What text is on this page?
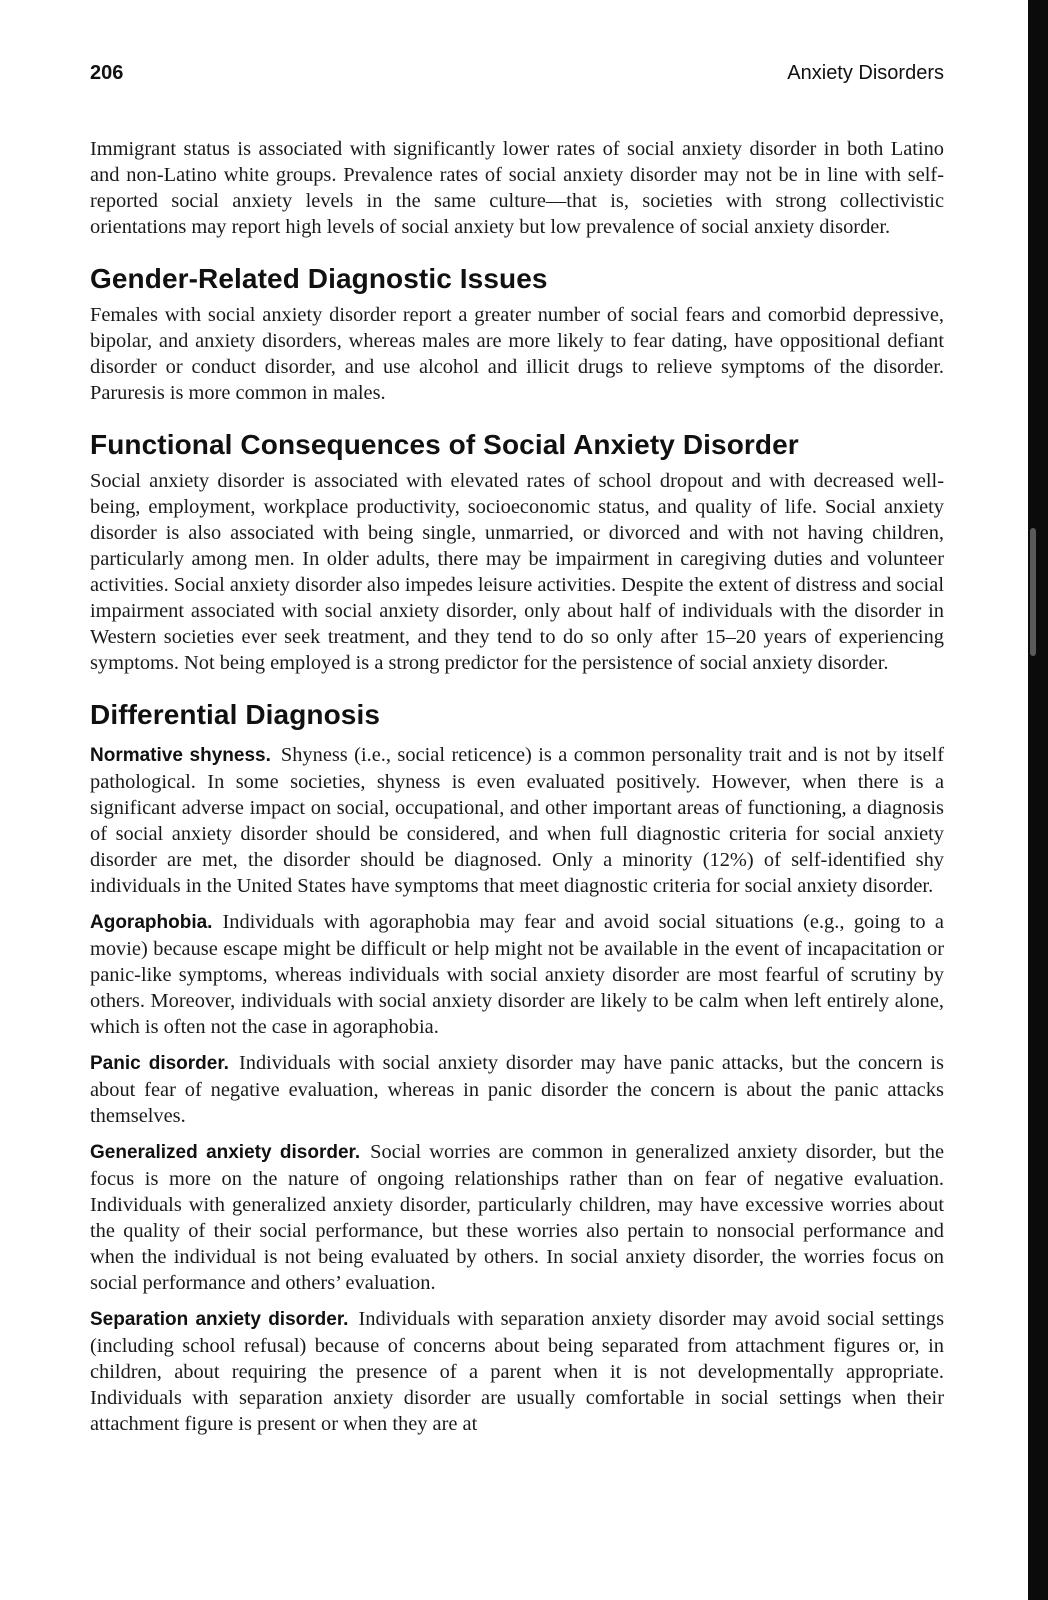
206	Anxiety Disorders

Immigrant status is associated with significantly lower rates of social anxiety disorder in both Latino and non-Latino white groups. Prevalence rates of social anxiety disorder may not be in line with self-reported social anxiety levels in the same culture—that is, societies with strong collectivistic orientations may report high levels of social anxiety but low prevalence of social anxiety disorder.

Gender-Related Diagnostic Issues

Females with social anxiety disorder report a greater number of social fears and comorbid depressive, bipolar, and anxiety disorders, whereas males are more likely to fear dating, have oppositional defiant disorder or conduct disorder, and use alcohol and illicit drugs to relieve symptoms of the disorder. Paruresis is more common in males.

Functional Consequences of Social Anxiety Disorder

Social anxiety disorder is associated with elevated rates of school dropout and with decreased well-being, employment, workplace productivity, socioeconomic status, and quality of life. Social anxiety disorder is also associated with being single, unmarried, or divorced and with not having children, particularly among men. In older adults, there may be impairment in caregiving duties and volunteer activities. Social anxiety disorder also impedes leisure activities. Despite the extent of distress and social impairment associated with social anxiety disorder, only about half of individuals with the disorder in Western societies ever seek treatment, and they tend to do so only after 15–20 years of experiencing symptoms. Not being employed is a strong predictor for the persistence of social anxiety disorder.

Differential Diagnosis

Normative shyness. Shyness (i.e., social reticence) is a common personality trait and is not by itself pathological. In some societies, shyness is even evaluated positively. However, when there is a significant adverse impact on social, occupational, and other important areas of functioning, a diagnosis of social anxiety disorder should be considered, and when full diagnostic criteria for social anxiety disorder are met, the disorder should be diagnosed. Only a minority (12%) of self-identified shy individuals in the United States have symptoms that meet diagnostic criteria for social anxiety disorder.

Agoraphobia. Individuals with agoraphobia may fear and avoid social situations (e.g., going to a movie) because escape might be difficult or help might not be available in the event of incapacitation or panic-like symptoms, whereas individuals with social anxiety disorder are most fearful of scrutiny by others. Moreover, individuals with social anxiety disorder are likely to be calm when left entirely alone, which is often not the case in agoraphobia.

Panic disorder. Individuals with social anxiety disorder may have panic attacks, but the concern is about fear of negative evaluation, whereas in panic disorder the concern is about the panic attacks themselves.

Generalized anxiety disorder. Social worries are common in generalized anxiety disorder, but the focus is more on the nature of ongoing relationships rather than on fear of negative evaluation. Individuals with generalized anxiety disorder, particularly children, may have excessive worries about the quality of their social performance, but these worries also pertain to nonsocial performance and when the individual is not being evaluated by others. In social anxiety disorder, the worries focus on social performance and others’ evaluation.

Separation anxiety disorder. Individuals with separation anxiety disorder may avoid social settings (including school refusal) because of concerns about being separated from attachment figures or, in children, about requiring the presence of a parent when it is not developmentally appropriate. Individuals with separation anxiety disorder are usually comfortable in social settings when their attachment figure is present or when they are at
